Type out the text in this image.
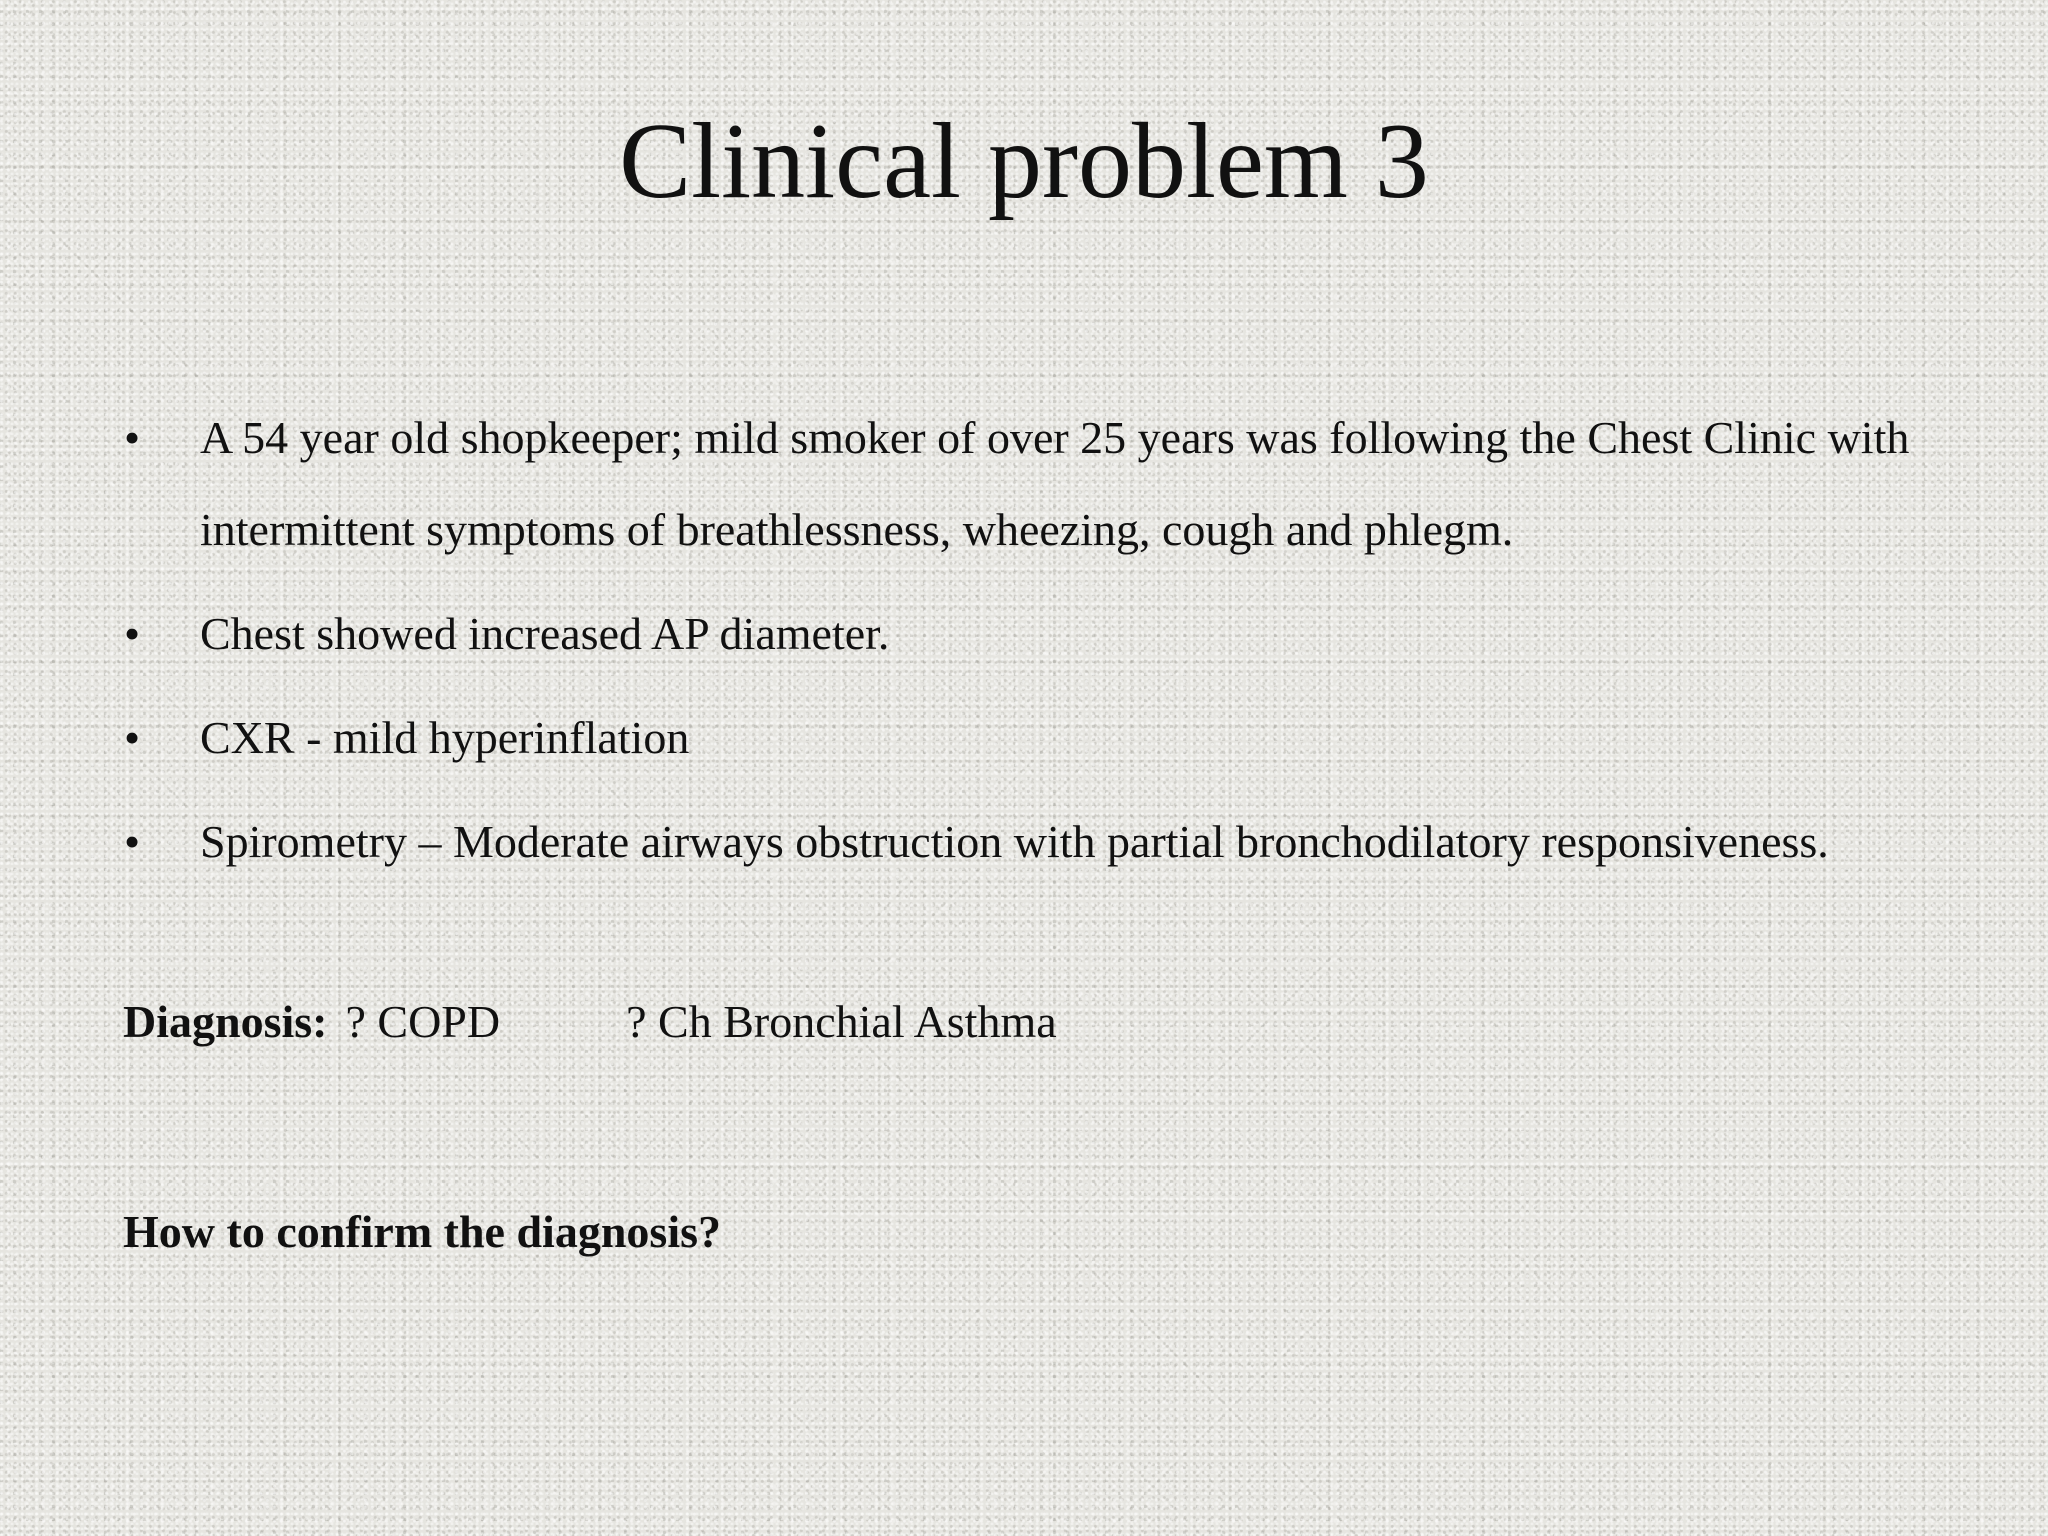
Clinical problem 3
• A 54 year old shopkeeper; mild smoker of over 25 years was following the Chest Clinic with intermittent symptoms of breathlessness, wheezing, cough and phlegm.
• Chest showed increased AP diameter.
• CXR - mild hyperinflation
• Spirometry – Moderate airways obstruction with partial bronchodilatory responsiveness.
Diagnosis: ? COPD	? Ch Bronchial Asthma
How to confirm the diagnosis?
